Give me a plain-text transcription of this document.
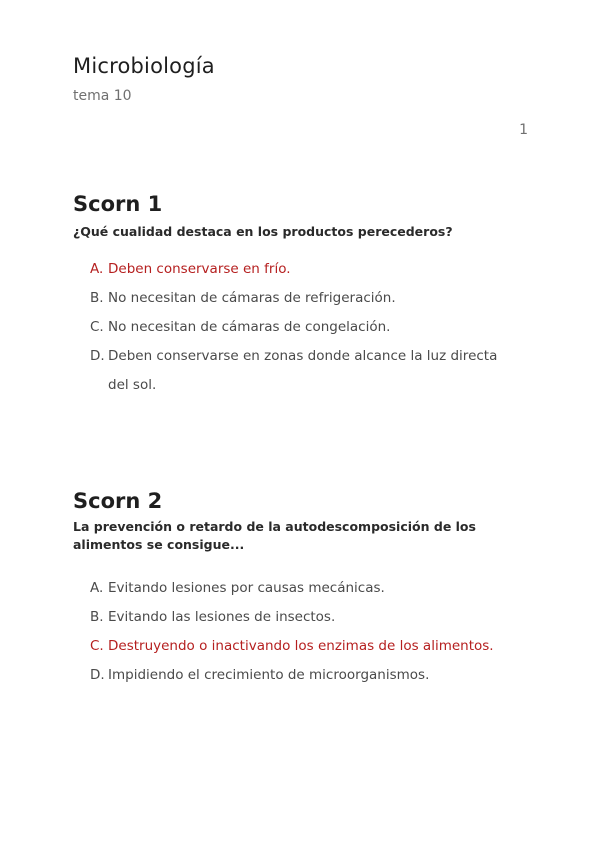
Microbiología
tema 10
1
Scorn 1

¿Qué cualidad destaca en los productos perecederos?

A. Deben conservarse en frío.
B. No necesitan de cámaras de refrigeración.
C. No necesitan de cámaras de congelación.
D. Deben conservarse en zonas donde alcance la luz directa del sol.
Scorn 2

La prevención o retardo de la autodescomposición de los alimentos se consigue...

A. Evitando lesiones por causas mecánicas.
B. Evitando las lesiones de insectos.
C. Destruyendo o inactivando los enzimas de los alimentos.
D. Impidiendo el crecimiento de microorganismos.
